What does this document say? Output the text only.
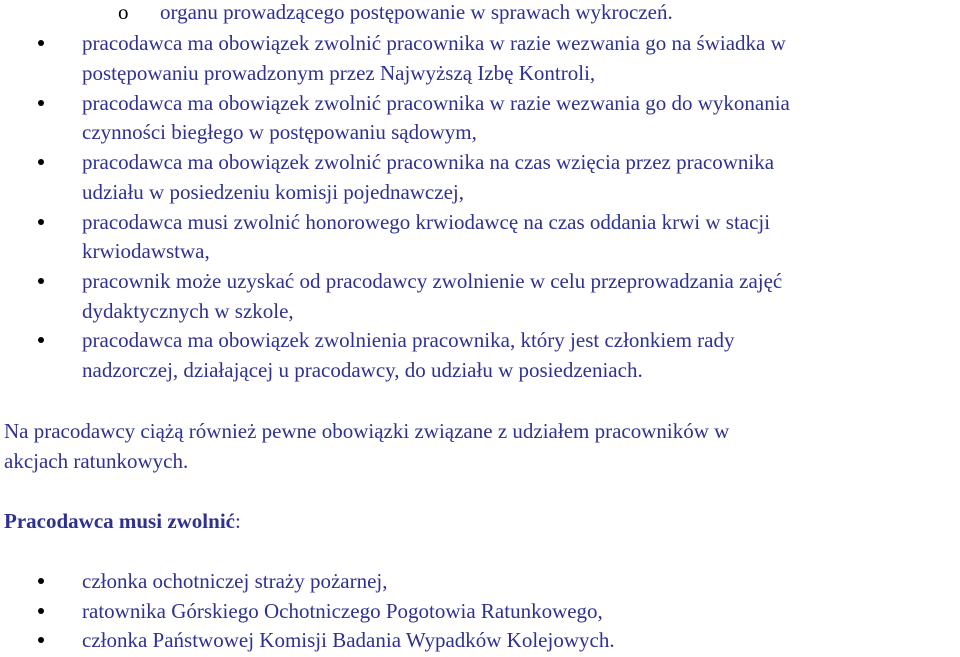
o organu prowadzącego postępowanie w sprawach wykroczeń.

pracodawca ma obowiązek zwolnić pracownika w razie wezwania go na świadka w

postępowaniu prowadzonym przez Najwyższą Izbę Kontroli,

pracodawca ma obowiązek zwolnić pracownika w razie wezwania go do wykonania

czynności biegłego w postępowaniu sądowym,

pracodawca ma obowiązek zwolnić pracownika na czas wzięcia przez pracownika

udziału w posiedzeniu komisji pojednawczej,

pracodawca musi zwolnić honorowego krwiodawcę na czas oddania krwi w stacji

krwiodawstwa,

pracownik może uzyskać od pracodawcy zwolnienie w celu przeprowadzania zajęć

dydaktycznych w szkole,

pracodawca ma obowiązek zwolnienia pracownika, który jest członkiem rady

nadzorczej, działającej u pracodawcy, do udziału w posiedzeniach.

Na pracodawcy ciążą również pewne obowiązki związane z udziałem pracowników w

akcjach ratunkowych.

Pracodawca musi zwolnić:

członka ochotniczej straży pożarnej,

ratownika Górskiego Ochotniczego Pogotowia Ratunkowego,

członka Państwowej Komisji Badania Wypadków Kolejowych.
